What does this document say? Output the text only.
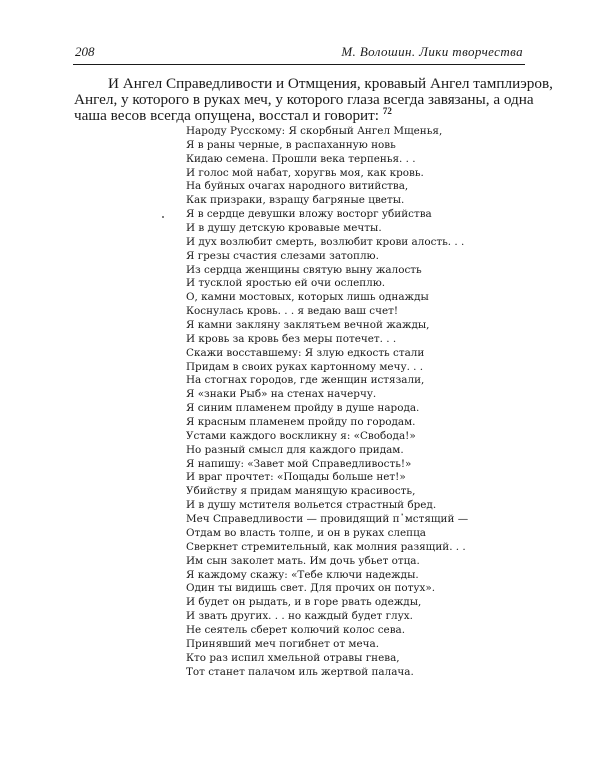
208	М. Волошин. Лики творчества

И Ангел Справедливости и Отмщения, кровавый Ангел тамплиэров,
Ангел, у которого в руках меч, у которого глаза всегда завязаны, а одна
чаша весов всегда опущена, восстал и говорит: $^{72}$

Народу Русскому: Я скорбный Ангел Мщенья,
Я в раны черные, в распаханную новь
Кидаю семена. Прошли века терпенья. . .
И голос мой набат, хоругвь моя, как кровь.
На буйных очагах народного витийства,
Как призраки, взращу багряные цветы.
Я в сердце девушки вложу восторг убийства
И в душу детскую кровавые мечты.
И дух возлюбит смерть, возлюбит крови алость. . .
Я грезы счастия слезами затоплю.
Из сердца женщины святую выну жалость
И тусклой яростью ей очи ослеплю.
О, камни мостовых, которых лишь однажды
Коснулась кровь. . . я ведаю ваш счет!
Я камни закляну заклятьем вечной жажды,
И кровь за кровь без меры потечет. . .
Скажи восставшему: Я злую едкость стали
Придам в своих руках картонному мечу. . .
На стогнах городов, где женщин истязали,
Я «знаки Рыб» на стенах начерчу.
Я синим пламенем пройду в душе народа.
Я красным пламенем пройду по городам.
Устами каждого воскликну я: «Свобода!»
Но разный смысл для каждого придам.
Я напишу: «Завет мой Справедливость!»
И враг прочтет: «Пощады больше нет!»
Убийству я придам манящую красивость,
И в душу мстителя вольется страстный бред.
Меч Справедливости — провидящий п᾽мстящий —
Отдам во власть толпе, и он в руках слепца
Сверкнет стремительный, как молния разящий. . .
Им сын заколет мать. Им дочь убьет отца.
Я каждому скажу: «Тебе ключи надежды.
Один ты видишь свет. Для прочих он потух».
И будет он рыдать, и в горе рвать одежды,
И звать других. . . но каждый будет глух.
Не сеятель сберет колючий колос сева.
Принявший меч погибнет от меча.
Кто раз испил хмельной отравы гнева,
Тот станет палачом иль жертвой палача.
